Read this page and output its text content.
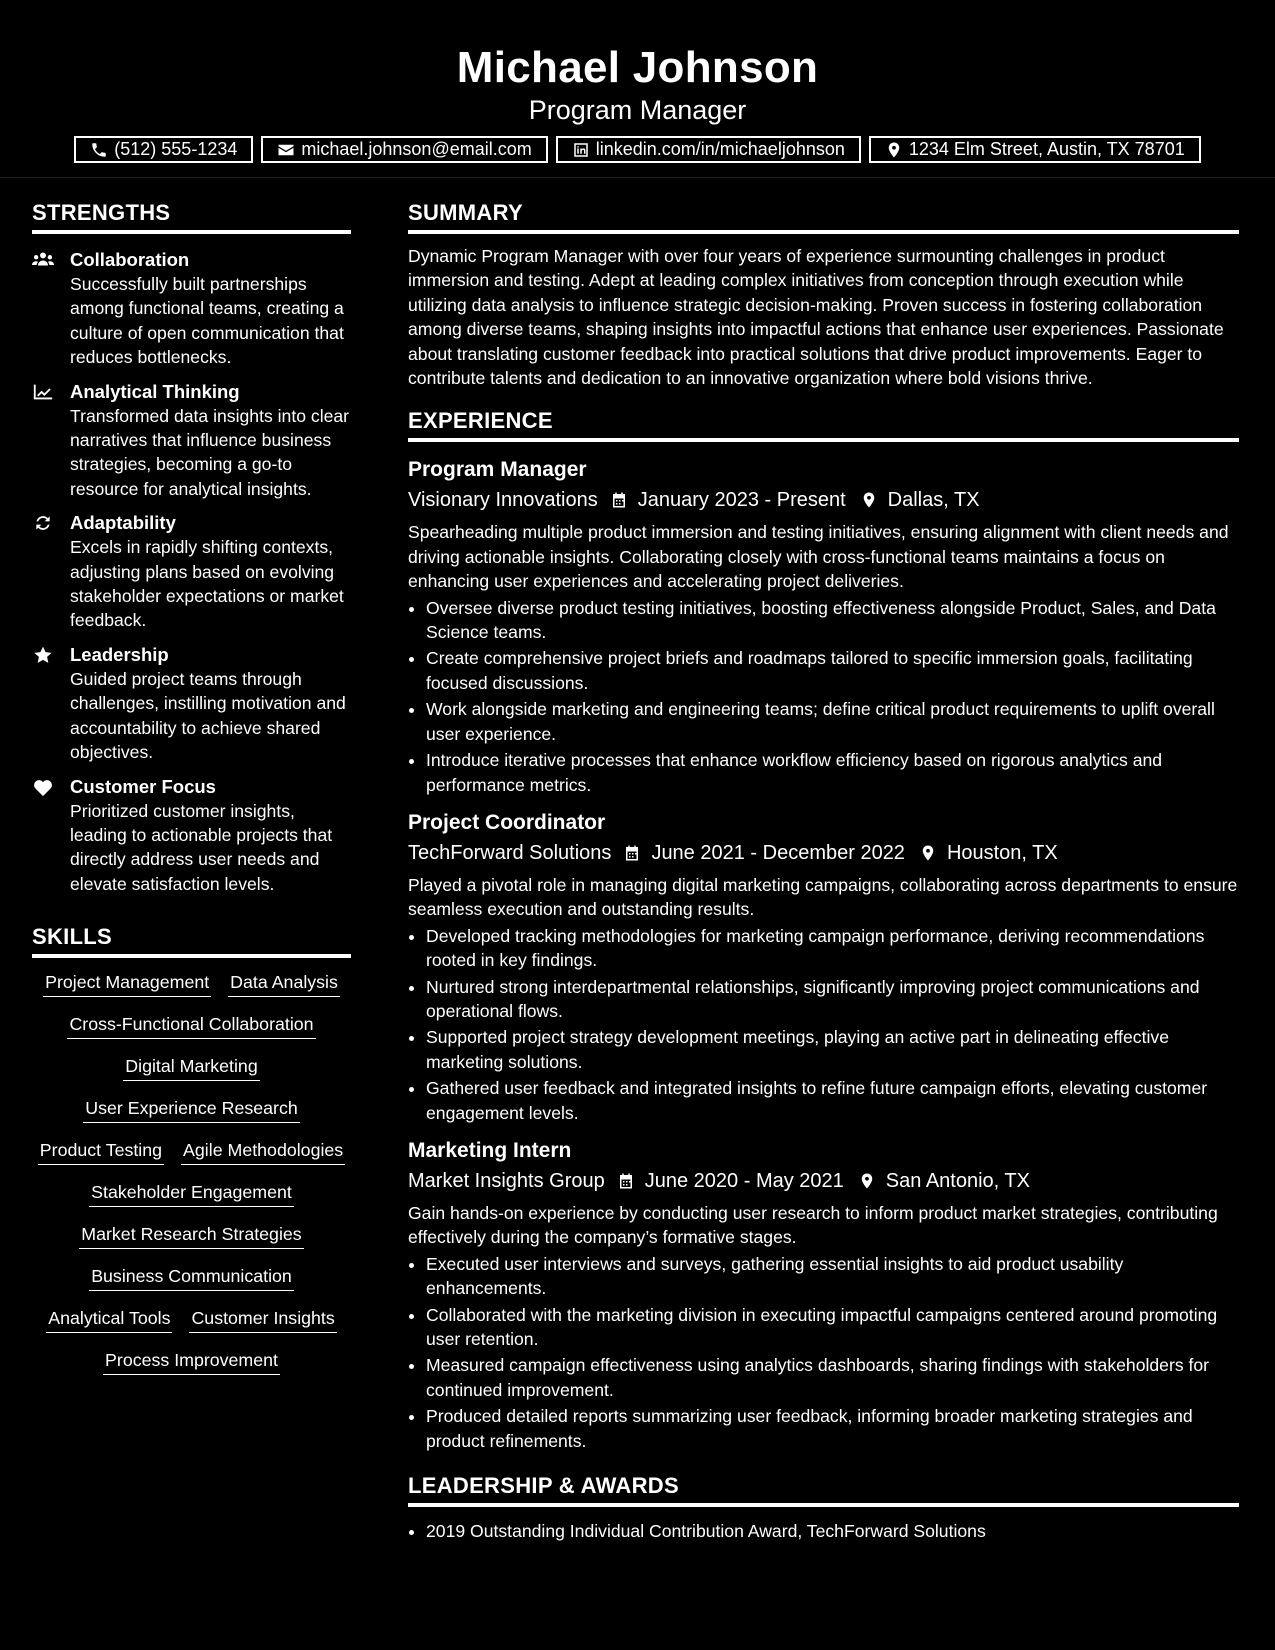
Michael Johnson
Program Manager
(512) 555-1234	michael.johnson@email.com	linkedin.com/in/michaeljohnson	1234 Elm Street, Austin, TX 78701
STRENGTHS
Collaboration
Successfully built partnerships among functional teams, creating a culture of open communication that reduces bottlenecks.
Analytical Thinking
Transformed data insights into clear narratives that influence business strategies, becoming a go-to resource for analytical insights.
Adaptability
Excels in rapidly shifting contexts, adjusting plans based on evolving stakeholder expectations or market feedback.
Leadership
Guided project teams through challenges, instilling motivation and accountability to achieve shared objectives.
Customer Focus
Prioritized customer insights, leading to actionable projects that directly address user needs and elevate satisfaction levels.
SKILLS
Project Management Data Analysis
Cross-Functional Collaboration
Digital Marketing
User Experience Research
Product Testing Agile Methodologies
Stakeholder Engagement
Market Research Strategies
Business Communication
Analytical Tools Customer Insights
Process Improvement
SUMMARY
Dynamic Program Manager with over four years of experience surmounting challenges in product immersion and testing. Adept at leading complex initiatives from conception through execution while utilizing data analysis to influence strategic decision-making. Proven success in fostering collaboration among diverse teams, shaping insights into impactful actions that enhance user experiences. Passionate about translating customer feedback into practical solutions that drive product improvements. Eager to contribute talents and dedication to an innovative organization where bold visions thrive.
EXPERIENCE
Program Manager
Visionary Innovations January 2023 - Present Dallas, TX
Spearheading multiple product immersion and testing initiatives, ensuring alignment with client needs and driving actionable insights. Collaborating closely with cross-functional teams maintains a focus on enhancing user experiences and accelerating project deliveries.
• Oversee diverse product testing initiatives, boosting effectiveness alongside Product, Sales, and Data Science teams.
• Create comprehensive project briefs and roadmaps tailored to specific immersion goals, facilitating focused discussions.
• Work alongside marketing and engineering teams; define critical product requirements to uplift overall user experience.
• Introduce iterative processes that enhance workflow efficiency based on rigorous analytics and performance metrics.
Project Coordinator
TechForward Solutions June 2021 - December 2022 Houston, TX
Played a pivotal role in managing digital marketing campaigns, collaborating across departments to ensure seamless execution and outstanding results.
• Developed tracking methodologies for marketing campaign performance, deriving recommendations rooted in key findings.
• Nurtured strong interdepartmental relationships, significantly improving project communications and operational flows.
• Supported project strategy development meetings, playing an active part in delineating effective marketing solutions.
• Gathered user feedback and integrated insights to refine future campaign efforts, elevating customer engagement levels.
Marketing Intern
Market Insights Group June 2020 - May 2021 San Antonio, TX
Gain hands-on experience by conducting user research to inform product market strategies, contributing effectively during the company’s formative stages.
• Executed user interviews and surveys, gathering essential insights to aid product usability enhancements.
• Collaborated with the marketing division in executing impactful campaigns centered around promoting user retention.
• Measured campaign effectiveness using analytics dashboards, sharing findings with stakeholders for continued improvement.
• Produced detailed reports summarizing user feedback, informing broader marketing strategies and product refinements.
LEADERSHIP & AWARDS
• 2019 Outstanding Individual Contribution Award, TechForward Solutions
